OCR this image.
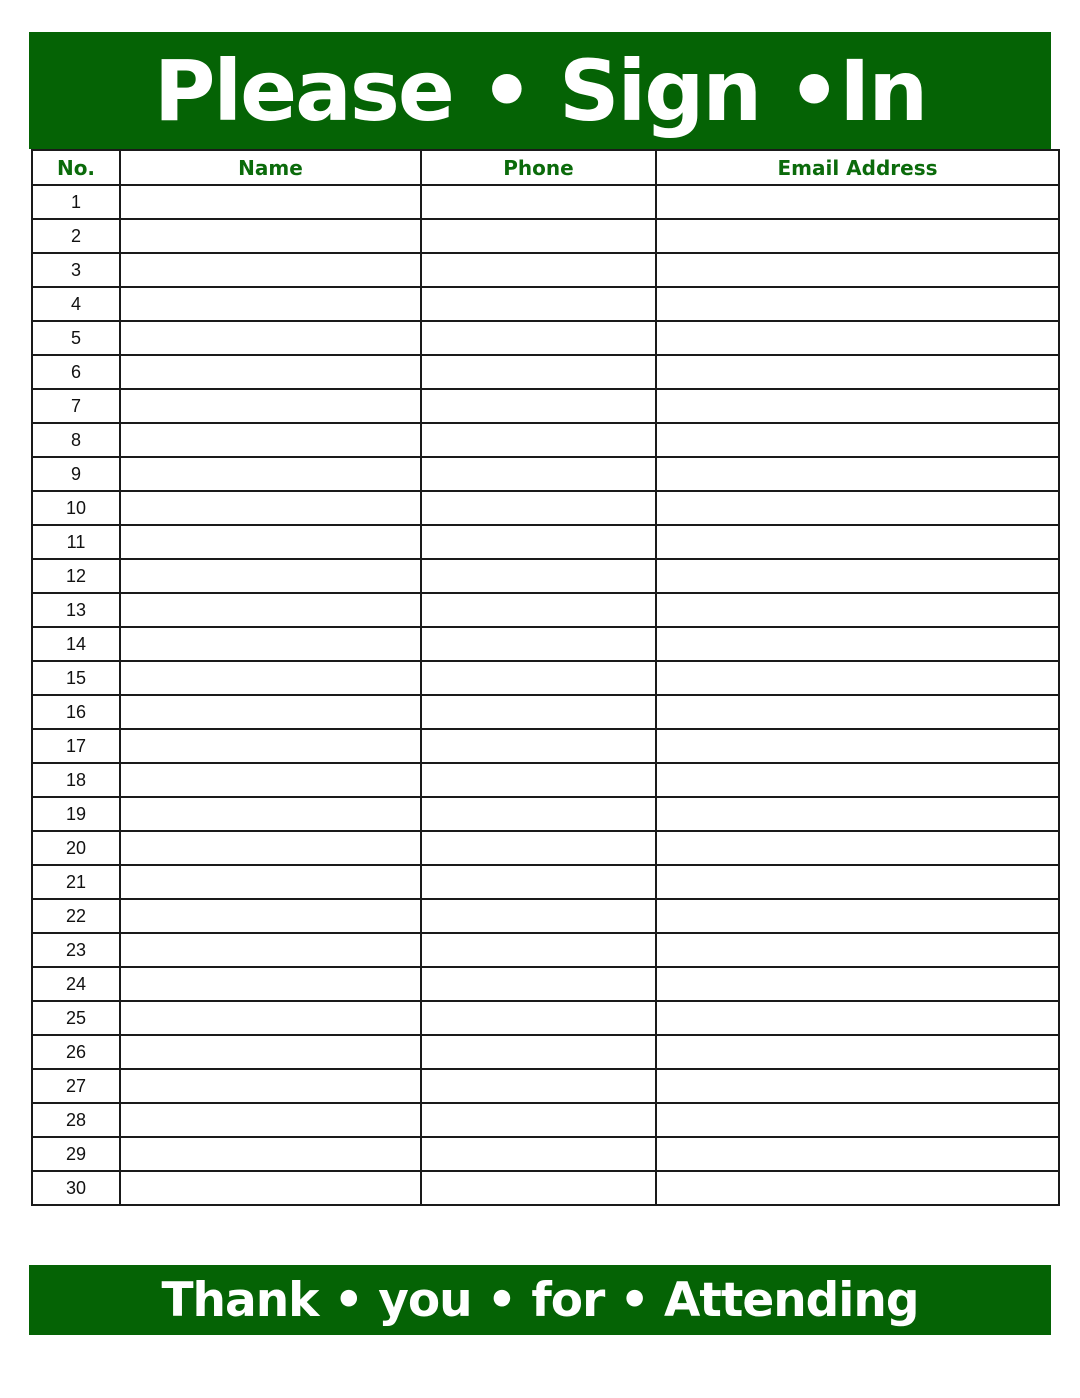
Please • Sign •In
No.	Name	Phone	Email Address
1			
2			
3			
4			
5			
6			
7			
8			
9			
10			
11			
12			
13			
14			
15			
16			
17			
18			
19			
20			
21			
22			
23			
24			
25			
26			
27			
28			
29			
30			
Thank • you • for • Attending
